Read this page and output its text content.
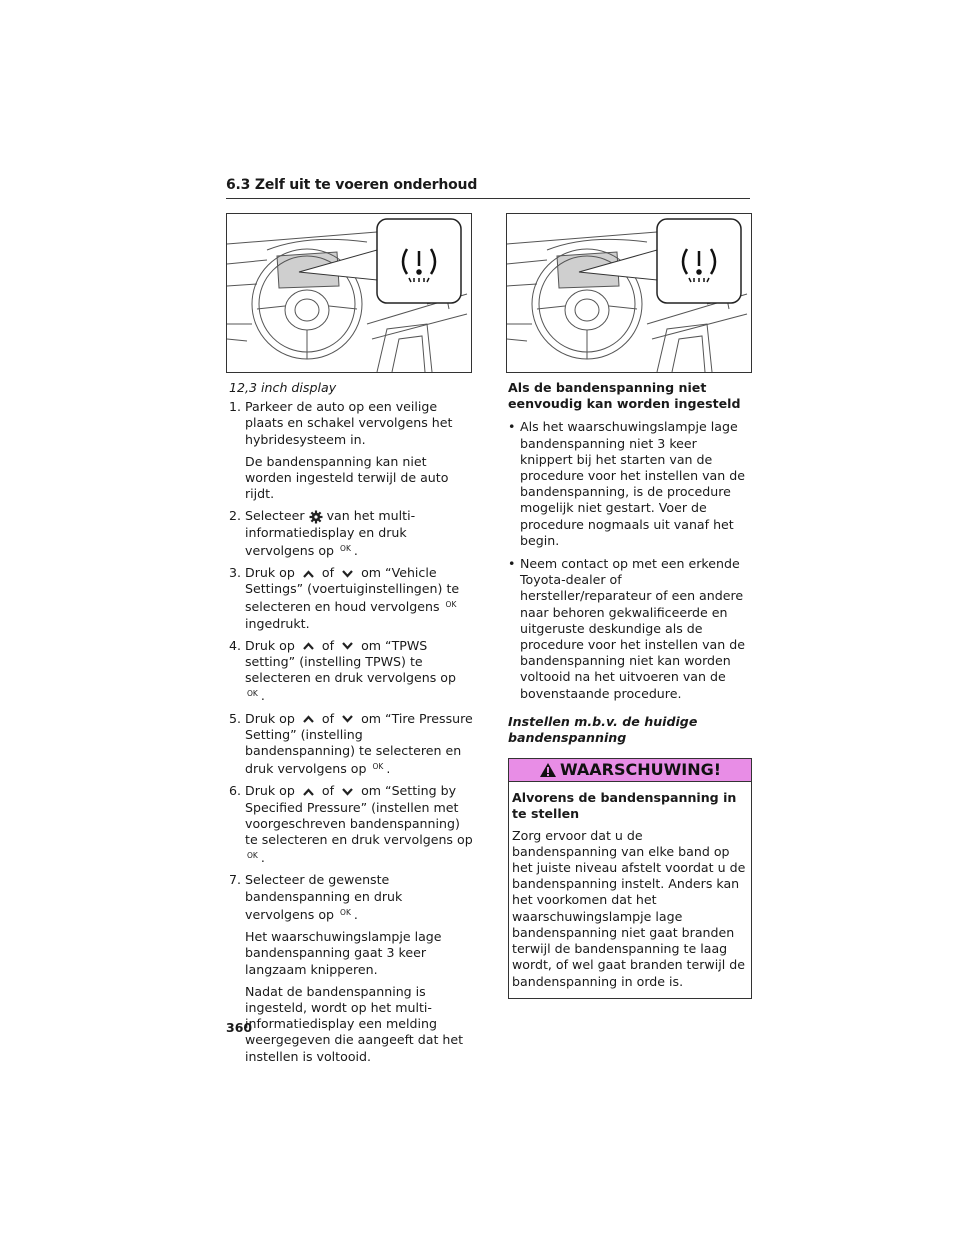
6.3 Zelf uit te voeren onderhoud
12,3 inch display
1. Parkeer de auto op een veilige plaats en schakel vervolgens het hybridesysteem in.

De bandenspanning kan niet worden ingesteld terwijl de auto rijdt.

2. Selecteer van het multi-informatiedisplay en druk vervolgens op $^{OK}$ .

3. Druk op of om “Vehicle Settings” (voertuiginstellingen) te selecteren en houd vervolgens $^{OK}$ ingedrukt.

4. Druk op of om “TPWS setting” (instelling TPWS) te selecteren en druk vervolgens op $^{OK}$ .

5. Druk op of om “Tire Pressure Setting” (instelling bandenspanning) te selecteren en druk vervolgens op $^{OK}$ .

6. Druk op of om “Setting by Specified Pressure” (instellen met voorgeschreven bandenspanning) te selecteren en druk vervolgens op $^{OK}$ .

7. Selecteer de gewenste bandenspanning en druk vervolgens op $^{OK}$ .

Het waarschuwingslampje lage bandenspanning gaat 3 keer langzaam knipperen.

Nadat de bandenspanning is ingesteld, wordt op het multi-informatiedisplay een melding weergegeven die aangeeft dat het instellen is voltooid.

Als de bandenspanning niet eenvoudig kan worden ingesteld
• Als het waarschuwingslampje lage bandenspanning niet 3 keer knippert bij het starten van de procedure voor het instellen van de bandenspanning, is de procedure mogelijk niet gestart. Voer de procedure nogmaals uit vanaf het begin.
• Neem contact op met een erkende Toyota-dealer of hersteller/reparateur of een andere naar behoren gekwalificeerde en uitgeruste deskundige als de procedure voor het instellen van de bandenspanning niet kan worden voltooid na het uitvoeren van de bovenstaande procedure.
Instellen m.b.v. de huidige bandenspanning
WAARSCHUWING!
Alvorens de bandenspanning in te stellen
Zorg ervoor dat u de bandenspanning van elke band op het juiste niveau afstelt voordat u de bandenspanning instelt. Anders kan het voorkomen dat het waarschuwingslampje lage bandenspanning niet gaat branden terwijl de bandenspanning te laag wordt, of wel gaat branden terwijl de bandenspanning in orde is.
360
